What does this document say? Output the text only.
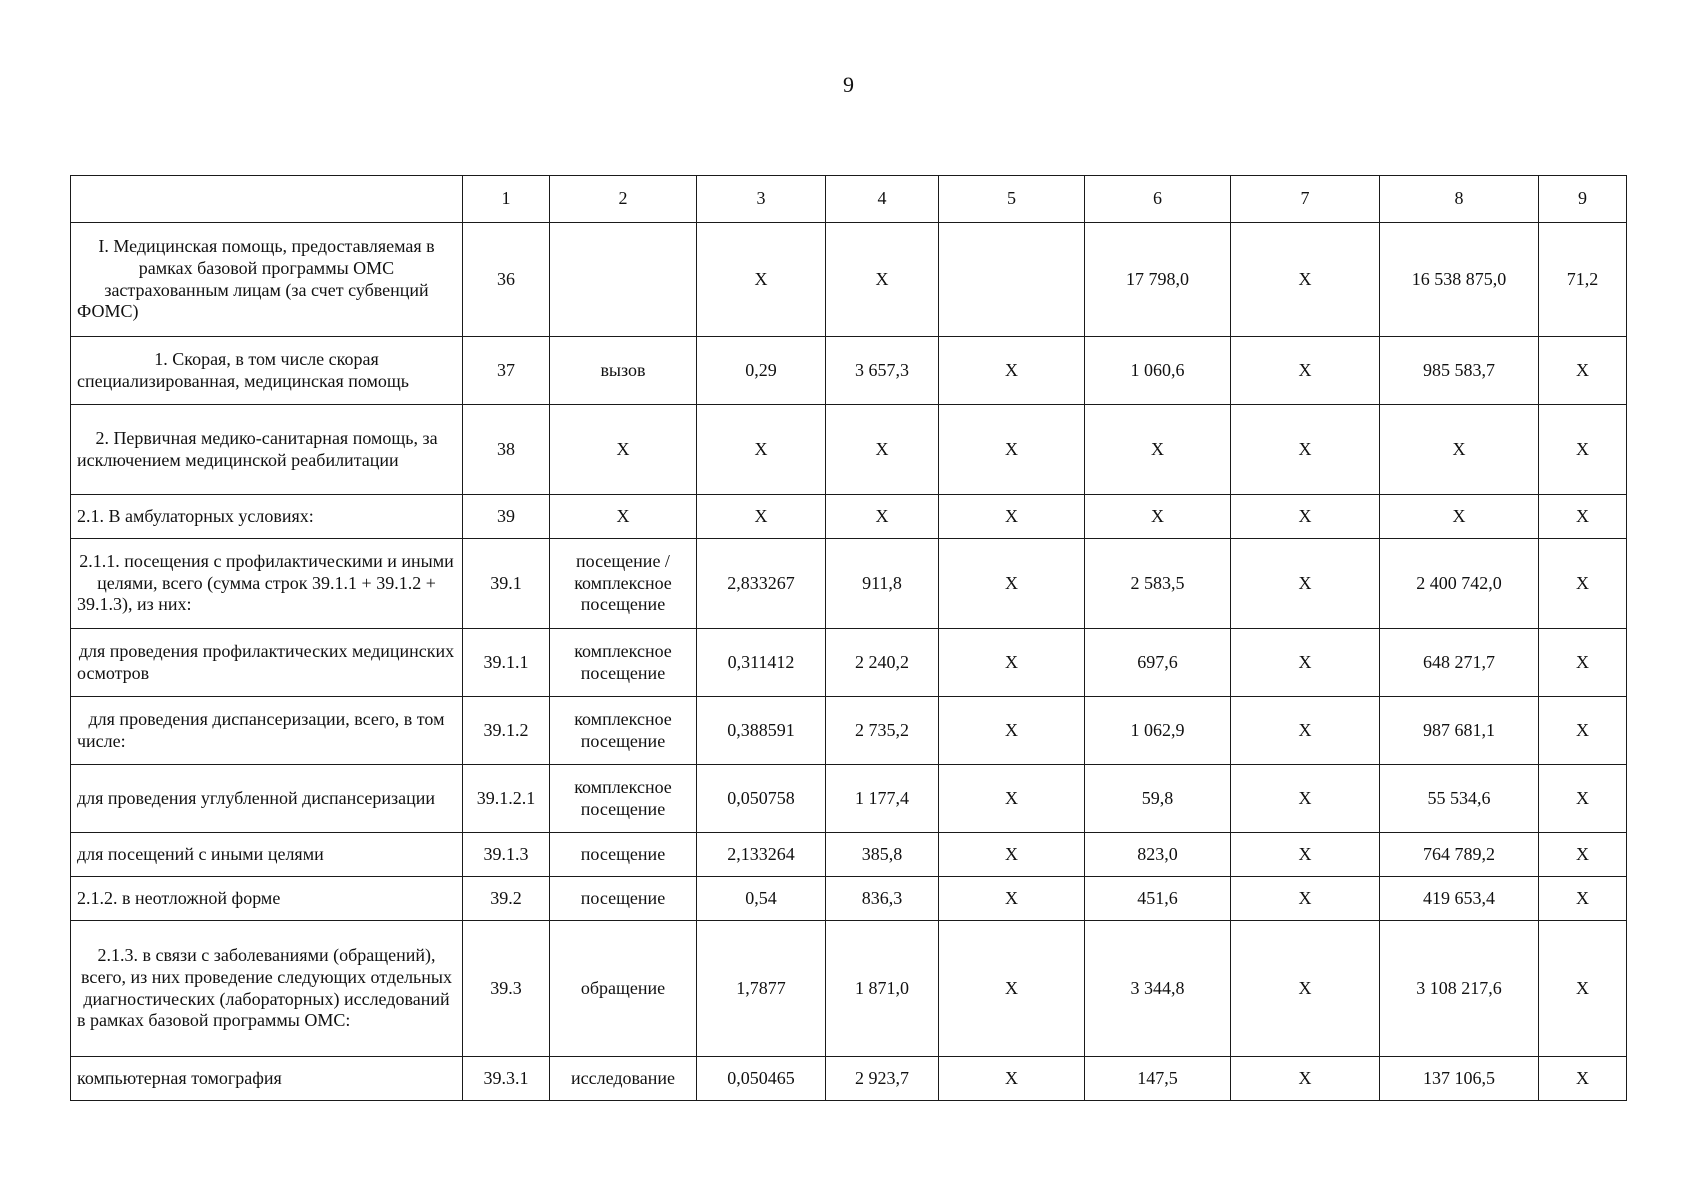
9
	1	2	3	4	5	6	7	8	9
I. Медицинская помощь, предоставляемая в рамках базовой программы ОМС застрахованным лицам (за счет субвенций ФОМС)	36		Х	Х		17 798,0	Х	16 538 875,0	71,2
1. Скорая, в том числе скорая специализированная, медицинская помощь	37	вызов	0,29	3 657,3	Х	1 060,6	Х	985 583,7	Х
2. Первичная медико-санитарная помощь, за исключением медицинской реабилитации	38	Х	Х	Х	Х	Х	Х	Х	Х
2.1. В амбулаторных условиях:	39	Х	Х	Х	Х	Х	Х	Х	Х
2.1.1. посещения с профилактическими и иными целями, всего (сумма строк 39.1.1 + 39.1.2 + 39.1.3), из них:	39.1	посещение / комплексное посещение	2,833267	911,8	Х	2 583,5	Х	2 400 742,0	Х
для проведения профилактических медицинских осмотров	39.1.1	комплексное посещение	0,311412	2 240,2	Х	697,6	Х	648 271,7	Х
для проведения диспансеризации, всего, в том числе:	39.1.2	комплексное посещение	0,388591	2 735,2	Х	1 062,9	Х	987 681,1	Х
для проведения углубленной диспансеризации	39.1.2.1	комплексное посещение	0,050758	1 177,4	Х	59,8	Х	55 534,6	Х
для посещений с иными целями	39.1.3	посещение	2,133264	385,8	Х	823,0	Х	764 789,2	Х
2.1.2. в неотложной форме	39.2	посещение	0,54	836,3	Х	451,6	Х	419 653,4	Х
2.1.3. в связи с заболеваниями (обращений), всего, из них проведение следующих отдельных диагностических (лабораторных) исследований в рамках базовой программы ОМС:	39.3	обращение	1,7877	1 871,0	Х	3 344,8	Х	3 108 217,6	Х
компьютерная томография	39.3.1	исследование	0,050465	2 923,7	Х	147,5	Х	137 106,5	Х
